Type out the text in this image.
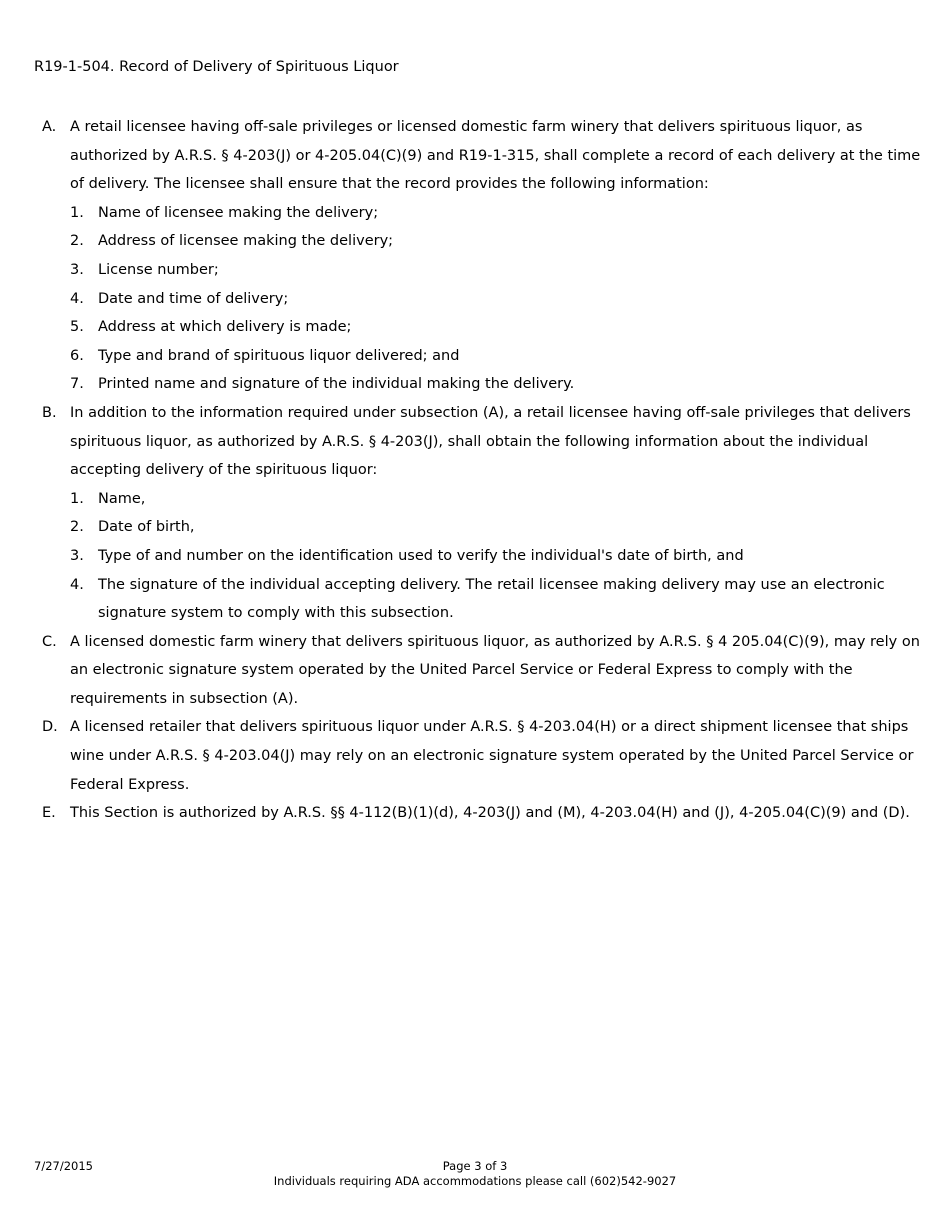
R19-1-504. Record of Delivery of Spirituous Liquor
A. A retail licensee having off-sale privileges or licensed domestic farm winery that delivers spirituous liquor, as authorized by A.R.S. § 4-203(J) or 4-205.04(C)(9) and R19-1-315, shall complete a record of each delivery at the time of delivery. The licensee shall ensure that the record provides the following information:
1. Name of licensee making the delivery;
2. Address of licensee making the delivery;
3. License number;
4. Date and time of delivery;
5. Address at which delivery is made;
6. Type and brand of spirituous liquor delivered; and
7. Printed name and signature of the individual making the delivery.
B. In addition to the information required under subsection (A), a retail licensee having off-sale privileges that delivers spirituous liquor, as authorized by A.R.S. § 4-203(J), shall obtain the following information about the individual accepting delivery of the spirituous liquor:
1. Name,
2. Date of birth,
3. Type of and number on the identification used to verify the individual's date of birth, and
4. The signature of the individual accepting delivery. The retail licensee making delivery may use an electronic signature system to comply with this subsection.
C. A licensed domestic farm winery that delivers spirituous liquor, as authorized by A.R.S. § 4 205.04(C)(9), may rely on an electronic signature system operated by the United Parcel Service or Federal Express to comply with the requirements in subsection (A).
D. A licensed retailer that delivers spirituous liquor under A.R.S. § 4-203.04(H) or a direct shipment licensee that ships wine under A.R.S. § 4-203.04(J) may rely on an electronic signature system operated by the United Parcel Service or Federal Express.
E. This Section is authorized by A.R.S. §§ 4-112(B)(1)(d), 4-203(J) and (M), 4-203.04(H) and (J), 4-205.04(C)(9) and (D).
7/27/2015	Page 3 of 3
Individuals requiring ADA accommodations please call (602)542-9027
